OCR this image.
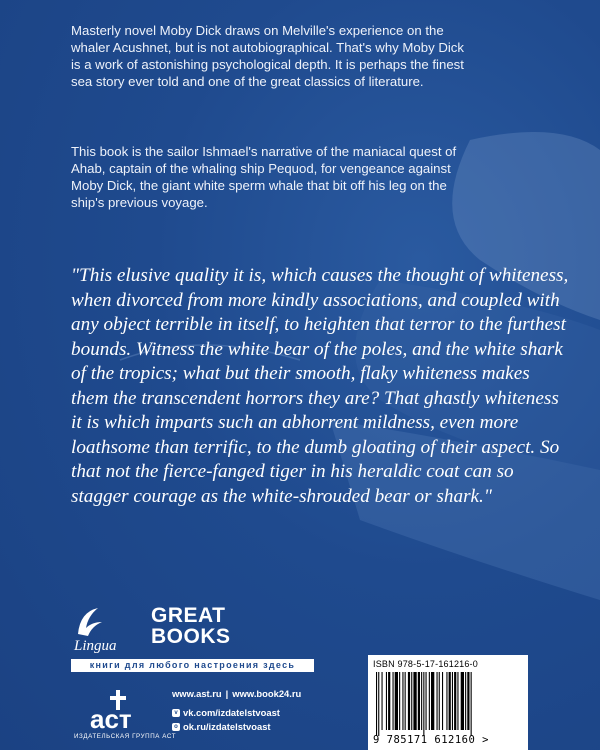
Masterly novel Moby Dick draws on Melville's experience on the whaler Acushnet, but is not autobiographical. That's why Moby Dick is a work of astonishing psychological depth. It is perhaps the finest sea story ever told and one of the great classics of literature.

This book is the sailor Ishmael's narrative of the maniacal quest of Ahab, captain of the whaling ship Pequod, for vengeance against Moby Dick, the giant white sperm whale that bit off his leg on the ship's previous voyage.

"This elusive quality it is, which causes the thought of whiteness, when divorced from more kindly associations, and coupled with any object terrible in itself, to heighten that terror to the furthest bounds. Witness the white bear of the poles, and the white shark of the tropics; what but their smooth, flaky whiteness makes them the transcendent horrors they are? That ghastly whiteness it is which imparts such an abhorrent mildness, even more loathsome than terrific, to the dumb gloating of their aspect. So that not the fierce-fanged tiger in his heraldic coat can so stagger courage as the white-shrouded bear or shark."

Lingua
GREAT
BOOKS
книги для любого настроения здесь
аст
ИЗДАТЕЛЬСКАЯ ГРУППА АСТ
www.ast.ru | www.book24.ru
v vk.com/izdatelstvoast
o ok.ru/izdatelstvoast
ISBN 978-5-17-161216-0
9 785171 612160 >
